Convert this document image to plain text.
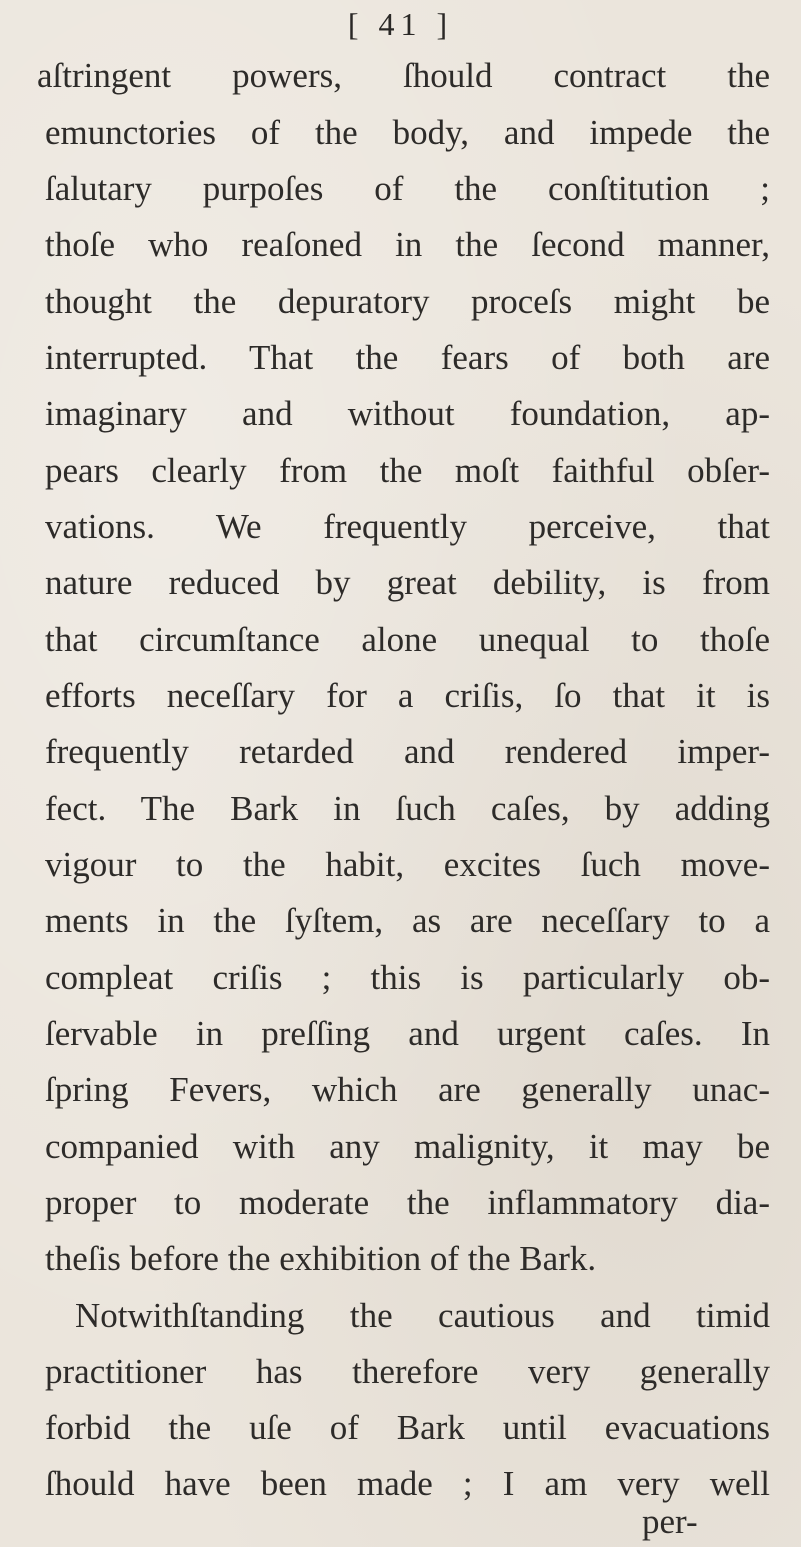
[ 41 ]
aſtringent powers, ſhould contract the
emunctories of the body, and impede the
ſalutary purpoſes of the conſtitution ;
thoſe who reaſoned in the ſecond manner,
thought the depuratory proceſs might be
interrupted. That the fears of both are
imaginary and without foundation, ap-
pears clearly from the moſt faithful obſer-
vations. We frequently perceive, that
nature reduced by great debility, is from
that circumſtance alone unequal to thoſe
efforts neceſſary for a criſis, ſo that it is
frequently retarded and rendered imper-
fect. The Bark in ſuch caſes, by adding
vigour to the habit, excites ſuch move-
ments in the ſyſtem, as are neceſſary to a
compleat criſis ; this is particularly ob-
ſervable in preſſing and urgent caſes. In
ſpring Fevers, which are generally unac-
companied with any malignity, it may be
proper to moderate the inflammatory dia-
theſis before the exhibition of the Bark.
Notwithſtanding the cautious and timid
practitioner has therefore very generally
forbid the uſe of Bark until evacuations
ſhould have been made ; I am very well
per-
